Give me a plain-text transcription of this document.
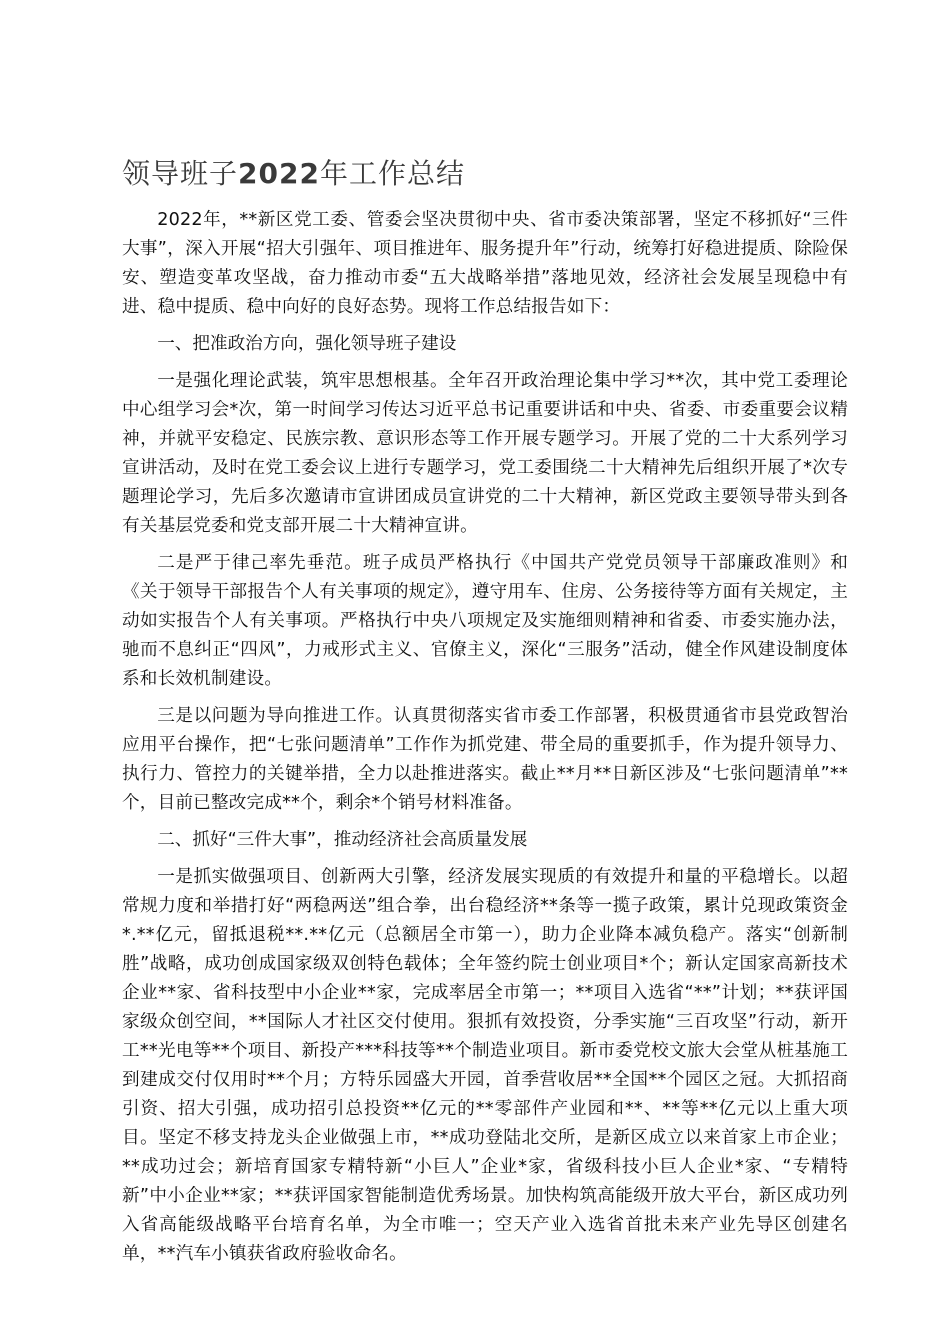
领导班子2022年工作总结

2022年，**新区党工委、管委会坚决贯彻中央、省市委决策部署，坚定不移抓好“三件大事”，深入开展“招大引强年、项目推进年、服务提升年”行动，统筹打好稳进提质、除险保安、塑造变革攻坚战，奋力推动市委“五大战略举措”落地见效，经济社会发展呈现稳中有进、稳中提质、稳中向好的良好态势。现将工作总结报告如下：

一、把准政治方向，强化领导班子建设

一是强化理论武装，筑牢思想根基。全年召开政治理论集中学习**次，其中党工委理论中心组学习会*次，第一时间学习传达习近平总书记重要讲话和中央、省委、市委重要会议精神，并就平安稳定、民族宗教、意识形态等工作开展专题学习。开展了党的二十大系列学习宣讲活动，及时在党工委会议上进行专题学习，党工委围绕二十大精神先后组织开展了*次专题理论学习，先后多次邀请市宣讲团成员宣讲党的二十大精神，新区党政主要领导带头到各有关基层党委和党支部开展二十大精神宣讲。

二是严于律己率先垂范。班子成员严格执行《中国共产党党员领导干部廉政准则》和《关于领导干部报告个人有关事项的规定》，遵守用车、住房、公务接待等方面有关规定，主动如实报告个人有关事项。严格执行中央八项规定及实施细则精神和省委、市委实施办法，驰而不息纠正“四风”，力戒形式主义、官僚主义，深化“三服务”活动，健全作风建设制度体系和长效机制建设。

三是以问题为导向推进工作。认真贯彻落实省市委工作部署，积极贯通省市县党政智治应用平台操作，把“七张问题清单”工作作为抓党建、带全局的重要抓手，作为提升领导力、执行力、管控力的关键举措，全力以赴推进落实。截止**月**日新区涉及“七张问题清单”**个，目前已整改完成**个，剩余*个销号材料准备。

二、抓好“三件大事”，推动经济社会高质量发展

一是抓实做强项目、创新两大引擎，经济发展实现质的有效提升和量的平稳增长。以超常规力度和举措打好“两稳两送”组合拳，出台稳经济**条等一揽子政策，累计兑现政策资金*.**亿元，留抵退税**.**亿元（总额居全市第一），助力企业降本减负稳产。落实“创新制胜”战略，成功创成国家级双创特色载体；全年签约院士创业项目*个；新认定国家高新技术企业**家、省科技型中小企业**家，完成率居全市第一；**项目入选省“**”计划；**获评国家级众创空间，**国际人才社区交付使用。狠抓有效投资，分季实施“三百攻坚”行动，新开工**光电等**个项目、新投产***科技等**个制造业项目。新市委党校文旅大会堂从桩基施工到建成交付仅用时**个月；方特乐园盛大开园，首季营收居**全国**个园区之冠。大抓招商引资、招大引强，成功招引总投资**亿元的**零部件产业园和**、**等**亿元以上重大项目。坚定不移支持龙头企业做强上市，**成功登陆北交所，是新区成立以来首家上市企业；**成功过会；新培育国家专精特新“小巨人”企业*家，省级科技小巨人企业*家、“专精特新”中小企业**家；**获评国家智能制造优秀场景。加快构筑高能级开放大平台，新区成功列入省高能级战略平台培育名单，为全市唯一；空天产业入选省首批未来产业先导区创建名单，**汽车小镇获省政府验收命名。
